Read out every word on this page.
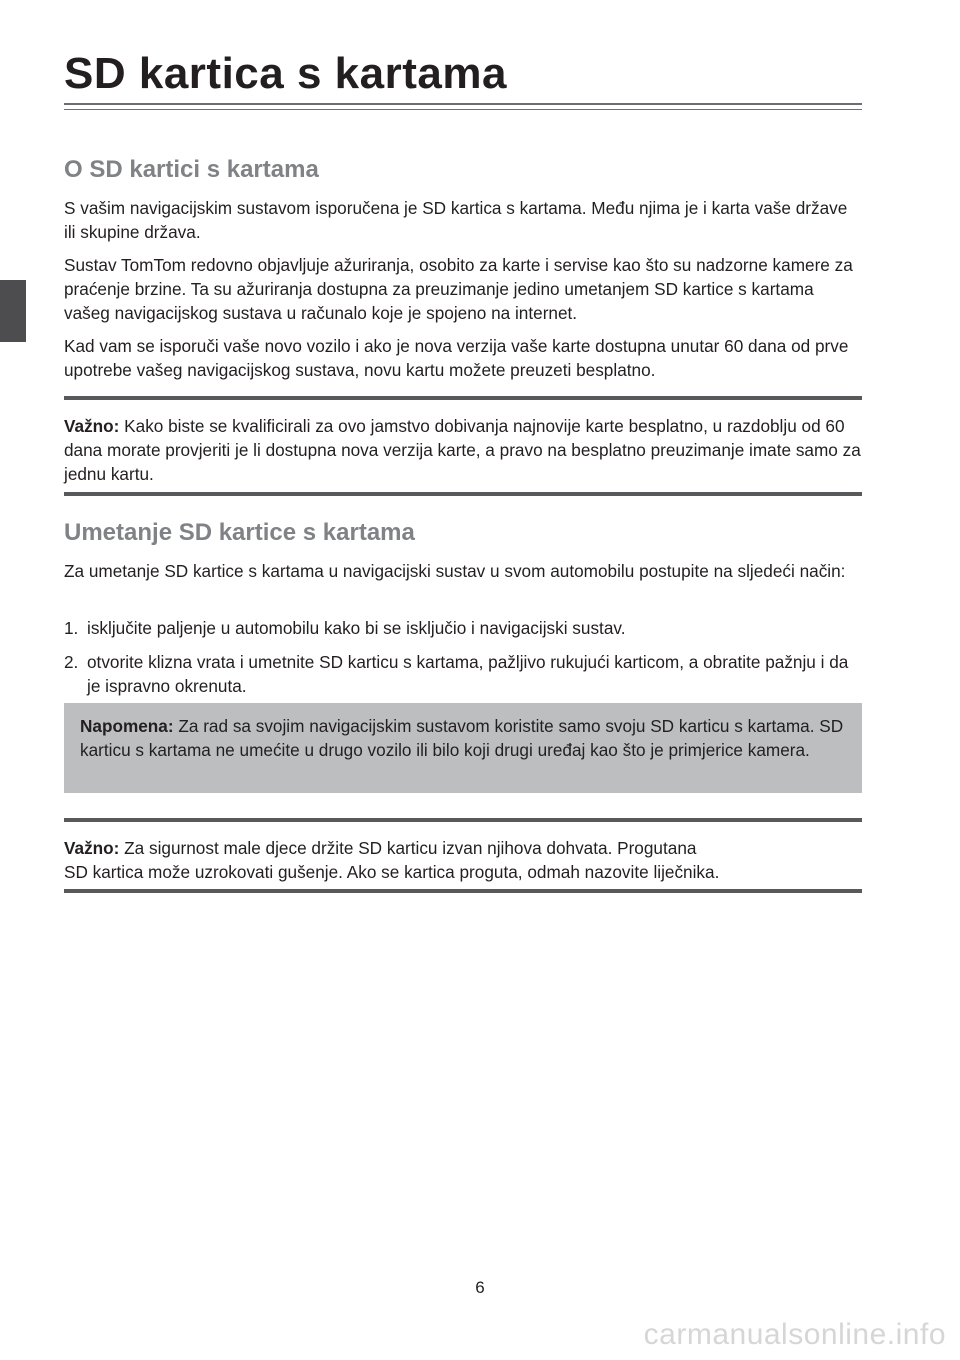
SD kartica s kartama
O SD kartici s kartama

S vašim navigacijskim sustavom isporučena je SD kartica s kartama. Među njima je i karta vaše države ili skupine država.

Sustav TomTom redovno objavljuje ažuriranja, osobito za karte i servise kao što su nadzorne kamere za praćenje brzine. Ta su ažuriranja dostupna za preuzimanje jedino umetanjem SD kartice s kartama vašeg navigacijskog sustava u računalo koje je spojeno na internet.

Kad vam se isporuči vaše novo vozilo i ako je nova verzija vaše karte dostupna unutar 60 dana od prve upotrebe vašeg navigacijskog sustava, novu kartu možete preuzeti besplatno.

Važno: Kako biste se kvalificirali za ovo jamstvo dobivanja najnovije karte besplatno, u razdoblju od 60 dana morate provjeriti je li dostupna nova verzija karte, a pravo na besplatno preuzimanje imate samo za jednu kartu.

Umetanje SD kartice s kartama

Za umetanje SD kartice s kartama u navigacijski sustav u svom automobilu postupite na sljedeći način:

1. isključite paljenje u automobilu kako bi se isključio i navigacijski sustav.

2. otvorite klizna vrata i umetnite SD karticu s kartama, pažljivo rukujući karticom, a obratite pažnju i da je ispravno okrenuta.

Napomena: Za rad sa svojim navigacijskim sustavom koristite samo svoju SD karticu s kartama. SD karticu s kartama ne umećite u drugo vozilo ili bilo koji drugi uređaj kao što je primjerice kamera.

Važno: Za sigurnost male djece držite SD karticu izvan njihova dohvata. Progutana
SD kartica može uzrokovati gušenje. Ako se kartica proguta, odmah nazovite liječnika.

6
carmanualsonline.info
